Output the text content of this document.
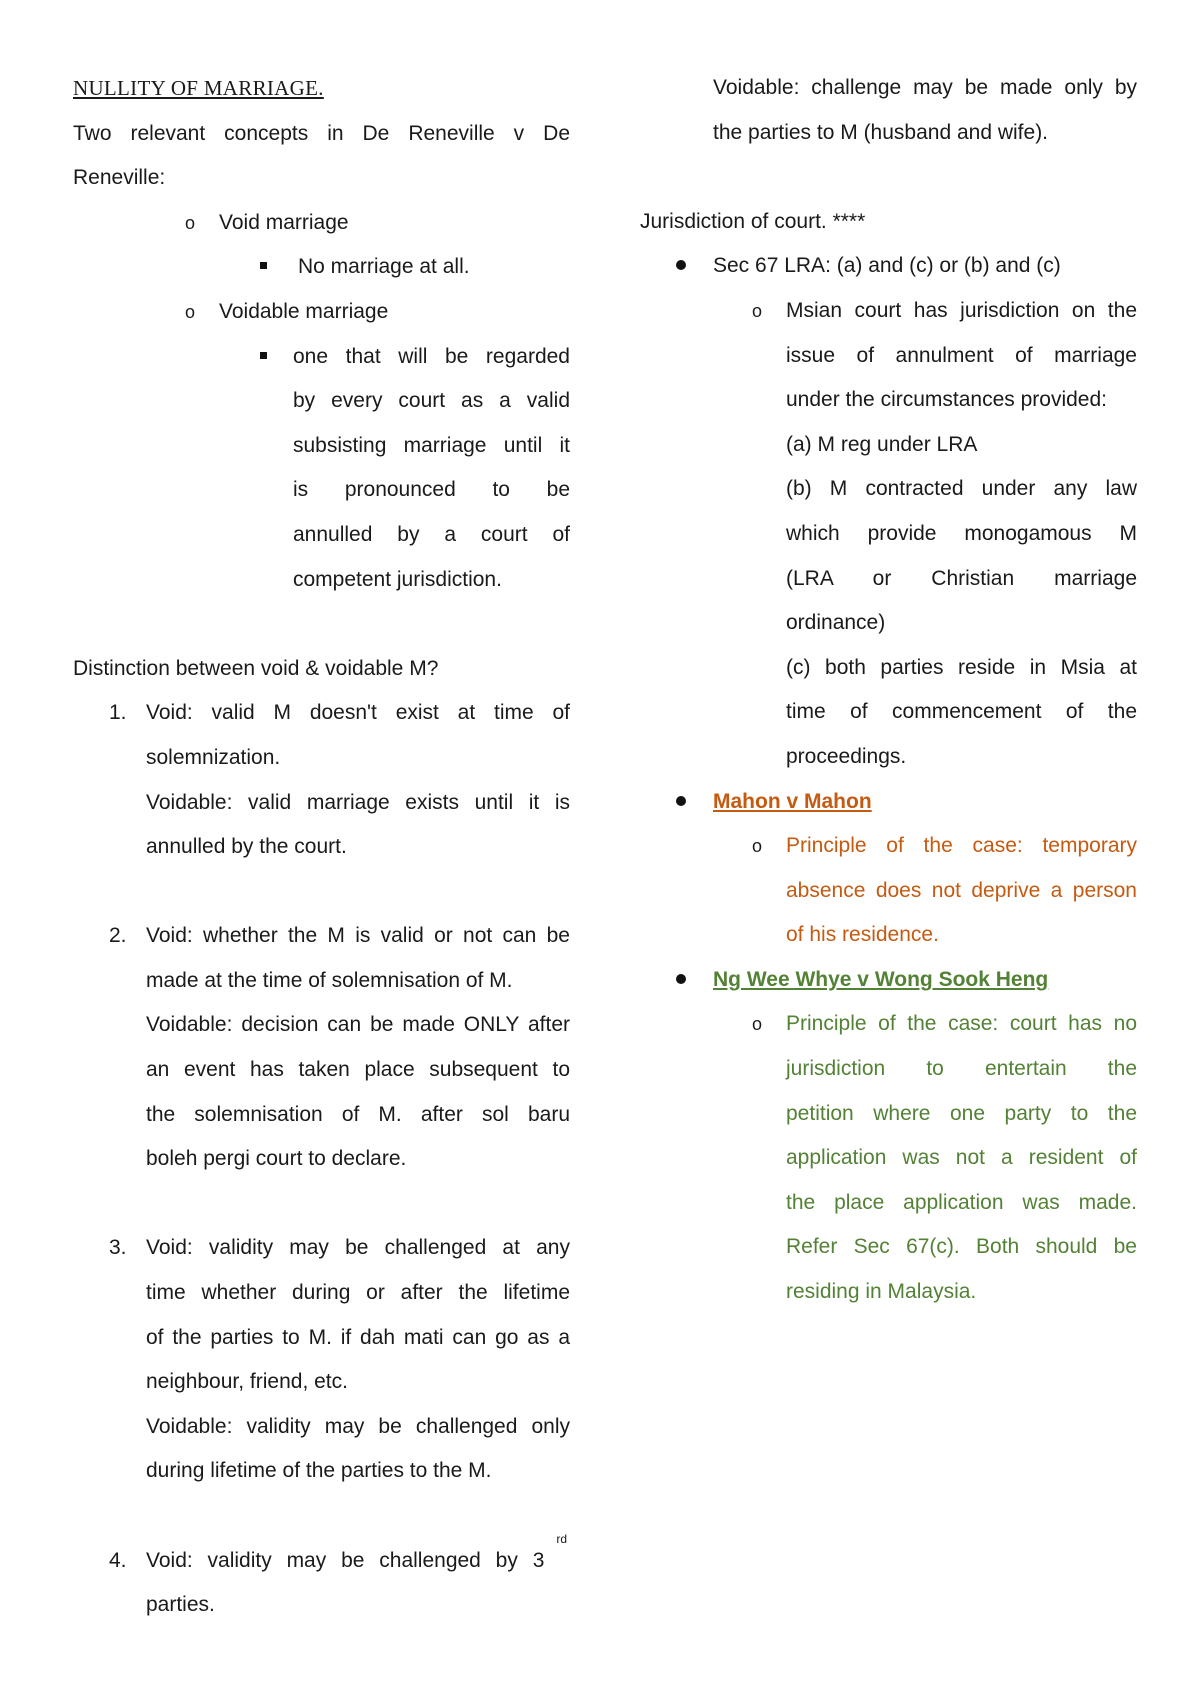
NULLITY OF MARRIAGE.
Two relevant concepts in De Reneville v De
Reneville:
o Void marriage
No marriage at all.
o Voidable marriage
one that will be regarded
by every court as a valid
subsisting marriage until it
is pronounced to be
annulled by a court of
competent jurisdiction.
Distinction between void & voidable M?
1. Void: valid M doesn't exist at time of
solemnization.
Voidable: valid marriage exists until it is
annulled by the court.
2. Void: whether the M is valid or not can be
made at the time of solemnisation of M.
Voidable: decision can be made ONLY after
an event has taken place subsequent to
the solemnisation of M. after sol baru
boleh pergi court to declare.
3. Void: validity may be challenged at any
time whether during or after the lifetime
of the parties to M. if dah mati can go as a
neighbour, friend, etc.
Voidable: validity may be challenged only
during lifetime of the parties to the M.
4. Void: validity may be challenged by 3
rd
parties.
Voidable: challenge may be made only by
the parties to M (husband and wife).
Jurisdiction of court. ****
Sec 67 LRA: (a) and (c) or (b) and (c)
o Msian court has jurisdiction on the
issue of annulment of marriage
under the circumstances provided:
(a) M reg under LRA
(b) M contracted under any law
which provide monogamous M
(LRA or Christian marriage
ordinance)
(c) both parties reside in Msia at
time of commencement of the
proceedings.
Mahon v Mahon
o Principle of the case: temporary
absence does not deprive a person
of his residence.
Ng Wee Whye v Wong Sook Heng
o Principle of the case: court has no
jurisdiction to entertain the
petition where one party to the
application was not a resident of
the place application was made.
Refer Sec 67(c). Both should be
residing in Malaysia.
